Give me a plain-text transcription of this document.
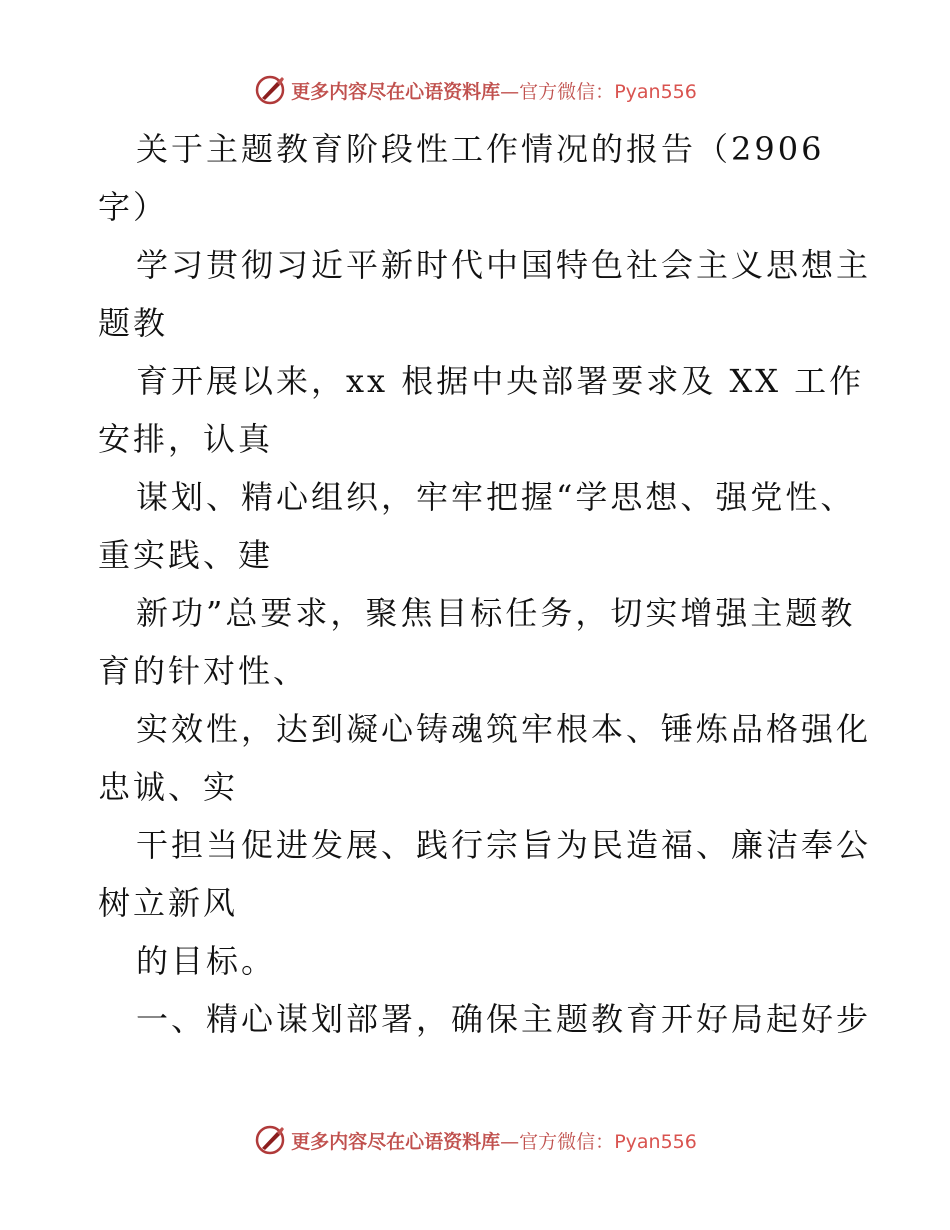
更多内容尽在心语资料库—官方微信：Pyan556
关于主题教育阶段性工作情况的报告（2906
字）
学习贯彻习近平新时代中国特色社会主义思想主
题教
育开展以来，xx 根据中央部署要求及 XX 工作
安排，认真
谋划、精心组织，牢牢把握“学思想、强党性、
重实践、建
新功”总要求，聚焦目标任务，切实增强主题教
育的针对性、
实效性，达到凝心铸魂筑牢根本、锤炼品格强化
忠诚、实
干担当促进发展、践行宗旨为民造福、廉洁奉公
树立新风
的目标。
一、精心谋划部署，确保主题教育开好局起好步
更多内容尽在心语资料库—官方微信：Pyan556
